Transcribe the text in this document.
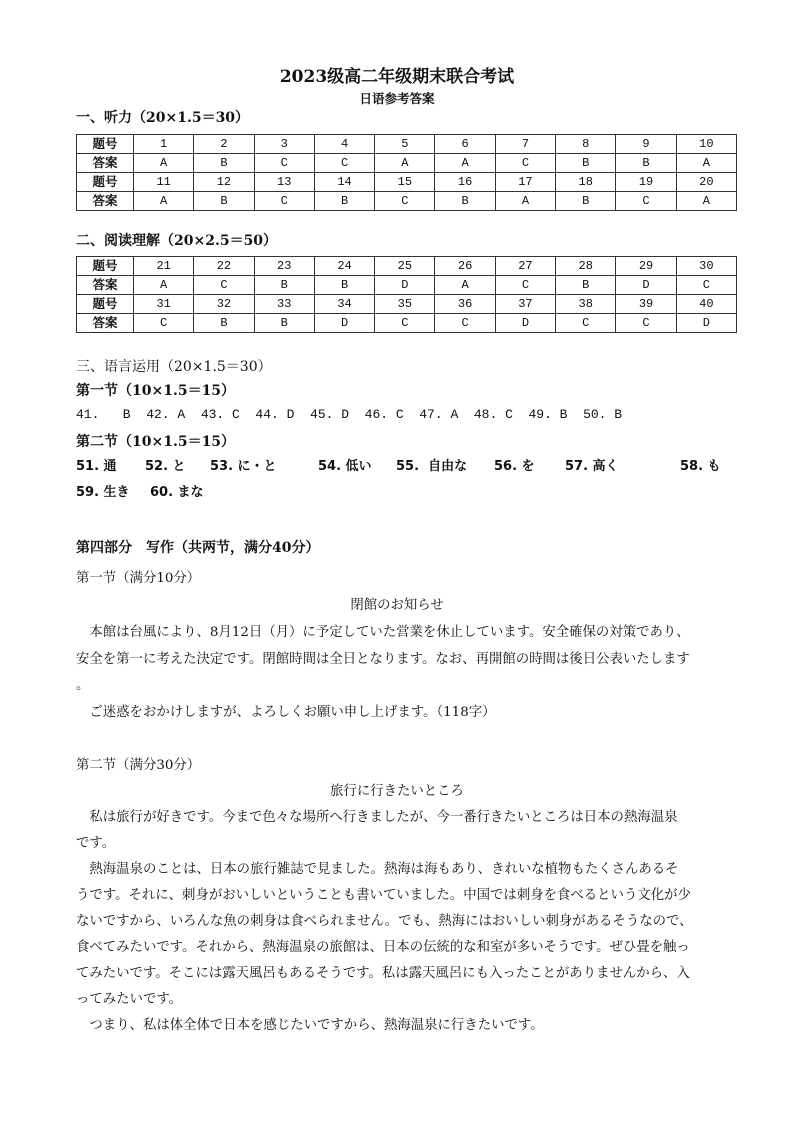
2023级高二年级期末联合考试
日语参考答案
一、听力（20×1.5＝30）
题号	1	2	3	4	5	6	7	8	9	10
答案	A	B	C	C	A	A	C	B	B	A
题号	11	12	13	14	15	16	17	18	19	20
答案	A	B	C	B	C	B	A	B	C	A
二、阅读理解（20×2.5＝50）
题号	21	22	23	24	25	26	27	28	29	30
答案	A	C	B	B	D	A	C	B	D	C
题号	31	32	33	34	35	36	37	38	39	40
答案	C	B	B	D	C	C	D	C	C	D
三、语言运用（20×1.5＝30）
第一节（10×1.5＝15）
41.   B  42. A  43. C  44. D  45. D  46. C  47. A  48. C  49. B  50. B
第二节（10×1.5＝15）
51. 通 52. と 53. に・と	54. 低い 55.  自由な 56. を 57. 高く	58. も
59. 生き 60. まな
第四部分　写作（共两节，满分40分）
第一节（满分10分）
閉館のお知らせ
　本館は台風により、8月12日（月）に予定していた営業を休止しています。安全確保の対策であり、
安全を第一に考えた決定です。閉館時間は全日となります。なお、再開館の時間は後日公表いたします
。
　ご迷惑をおかけしますが、よろしくお願い申し上げます。（118字）
第二节（满分30分）
旅行に行きたいところ
　私は旅行が好きです。今まで色々な場所へ行きましたが、今一番行きたいところは日本の熱海温泉
です。
　熱海温泉のことは、日本の旅行雑誌で見ました。熱海は海もあり、きれいな植物もたくさんあるそ
うです。それに、刺身がおいしいということも書いていました。中国では刺身を食べるという文化が少
ないですから、いろんな魚の刺身は食べられません。でも、熱海にはおいしい刺身があるそうなので、
食べてみたいです。それから、熱海温泉の旅館は、日本の伝統的な和室が多いそうです。ぜひ畳を触っ
てみたいです。そこには露天風呂もあるそうです。私は露天風呂にも入ったことがありませんから、入
ってみたいです。
　つまり、私は体全体で日本を感じたいですから、熱海温泉に行きたいです。
